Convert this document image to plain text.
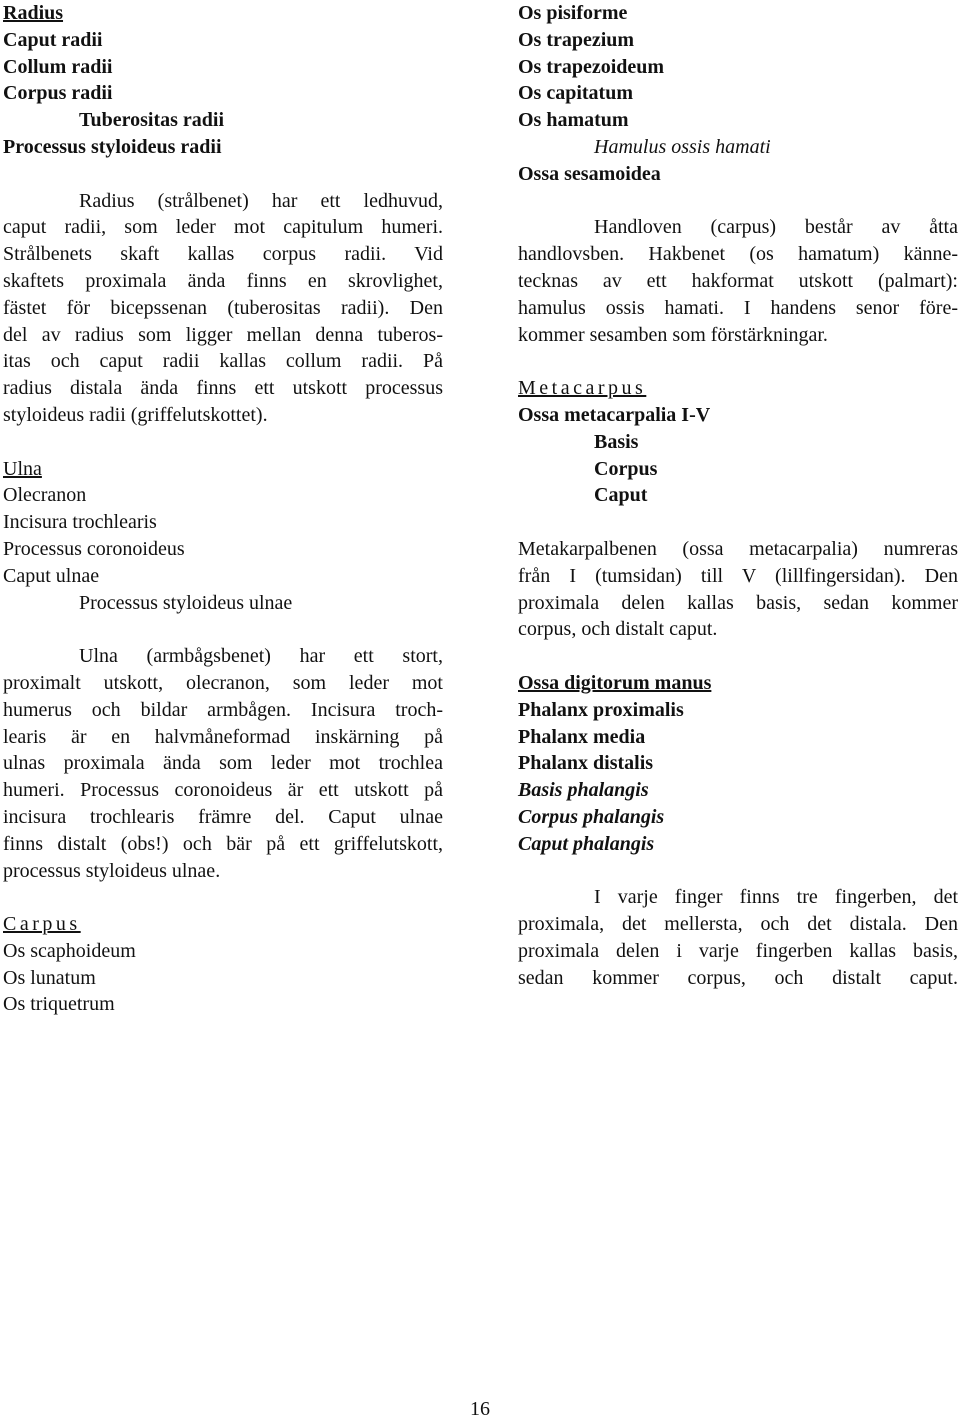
Radius

Caput radii

Collum radii

Corpus radii

Tuberositas radii

Processus styloideus radii

Radius (strålbenet) har ett ledhuvud,
caput radii, som leder mot capitulum humeri.
Strålbenets skaft kallas corpus radii. Vid
skaftets proximala ända finns en skrovlighet,
fästet för bicepssenan (tuberositas radii). Den
del av radius som ligger mellan denna tuberos-
itas och caput radii kallas collum radii. På
radius distala ända finns ett utskott processus
styloideus radii (griffelutskottet).

Ulna

Olecranon

Incisura trochlearis

Processus coronoideus

Caput ulnae

Processus styloideus ulnae

Ulna (armbågsbenet) har ett stort,
proximalt utskott, olecranon, som leder mot
humerus och bildar armbågen. Incisura troch-
learis är en halvmåneformad inskärning på
ulnas proximala ända som leder mot trochlea
humeri. Processus coronoideus är ett utskott på
incisura trochlearis främre del. Caput ulnae
finns distalt (obs!) och bär på ett griffelutskott,
processus styloideus ulnae.

Carpus

Os scaphoideum

Os lunatum

Os triquetrum

Os pisiforme

Os trapezium

Os trapezoideum

Os capitatum

Os hamatum

Hamulus ossis hamati

Ossa sesamoidea

Handloven (carpus) består av åtta
handlovsben. Hakbenet (os hamatum) känne-
tecknas av ett hakformat utskott (palmart):
hamulus ossis hamati. I handens senor före-
kommer sesamben som förstärkningar.

Metacarpus

Ossa metacarpalia I-V

Basis

Corpus

Caput

Metakarpalbenen (ossa metacarpalia) numreras
från I (tumsidan) till V (lillfingersidan). Den
proximala delen kallas basis, sedan kommer
corpus, och distalt caput.

Ossa digitorum manus

Phalanx proximalis

Phalanx media

Phalanx distalis

Basis phalangis

Corpus phalangis

Caput phalangis

I varje finger finns tre fingerben, det
proximala, det mellersta, och det distala. Den
proximala delen i varje fingerben kallas basis,
sedan kommer corpus, och distalt caput.
16
